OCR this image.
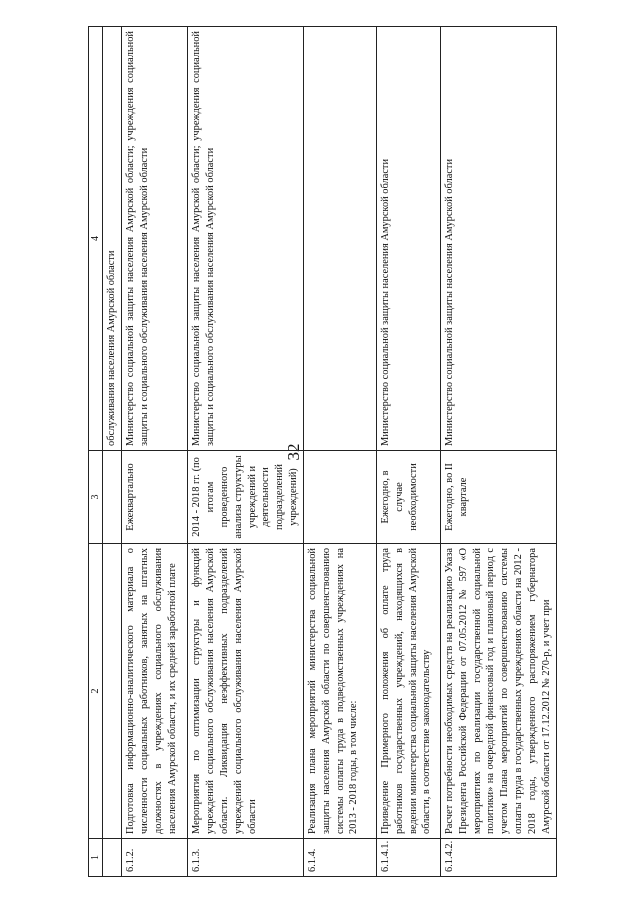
32
1	2	3	4
			обслуживания населения Амурской области
6.1.2.	Подготовка информационно-аналитического материала о численности социальных работников, занятых на штатных должностях в учреждениях социального обслуживания населения Амурской области, и их средней заработной плате	Ежеквартально	Министерство социальной защиты населения Амурской области; учреждения социальной защиты и социального обслуживания населения Амурской области
6.1.3.	Мероприятия по оптимизации структуры и функций учреждений социального обслуживания населения Амурской области. Ликвидация неэффективных подразделений учреждений социального обслуживания населения Амурской области	2014 - 2018 гг. (по итогам проведенного анализа структуры учреждений и деятельности подразделений учреждений)	Министерство социальной защиты населения Амурской области; учреждения социальной защиты и социального обслуживания населения Амурской области
6.1.4.	Реализация плана мероприятий министерства социальной защиты населения Амурской области по совершенствованию системы оплаты труда в подведомственных учреждениях на 2013 - 2018 годы, в том числе:		
6.1.4.1.	Приведение Примерного положения об оплате труда работников государственных учреждений, находящихся в ведении министерства социальной защиты населения Амурской области, в соответствие законодательству	Ежегодно, в случае необходимости	Министерство социальной защиты населения Амурской области
6.1.4.2.	Расчет потребности необходимых средств на реализацию Указа Президента Российской Федерации от 07.05.2012 № 597 «О мероприятиях по реализации государственной социальной политики» на очередной финансовый год и плановый период с учетом Плана мероприятий по совершенствованию системы оплаты труда в государственных учреждениях области на 2012 - 2018 годы, утвержденного распоряжением губернатора Амурской области от 17.12.2012 № 270-р, и учет при	Ежегодно, во II квартале	Министерство социальной защиты населения Амурской области
